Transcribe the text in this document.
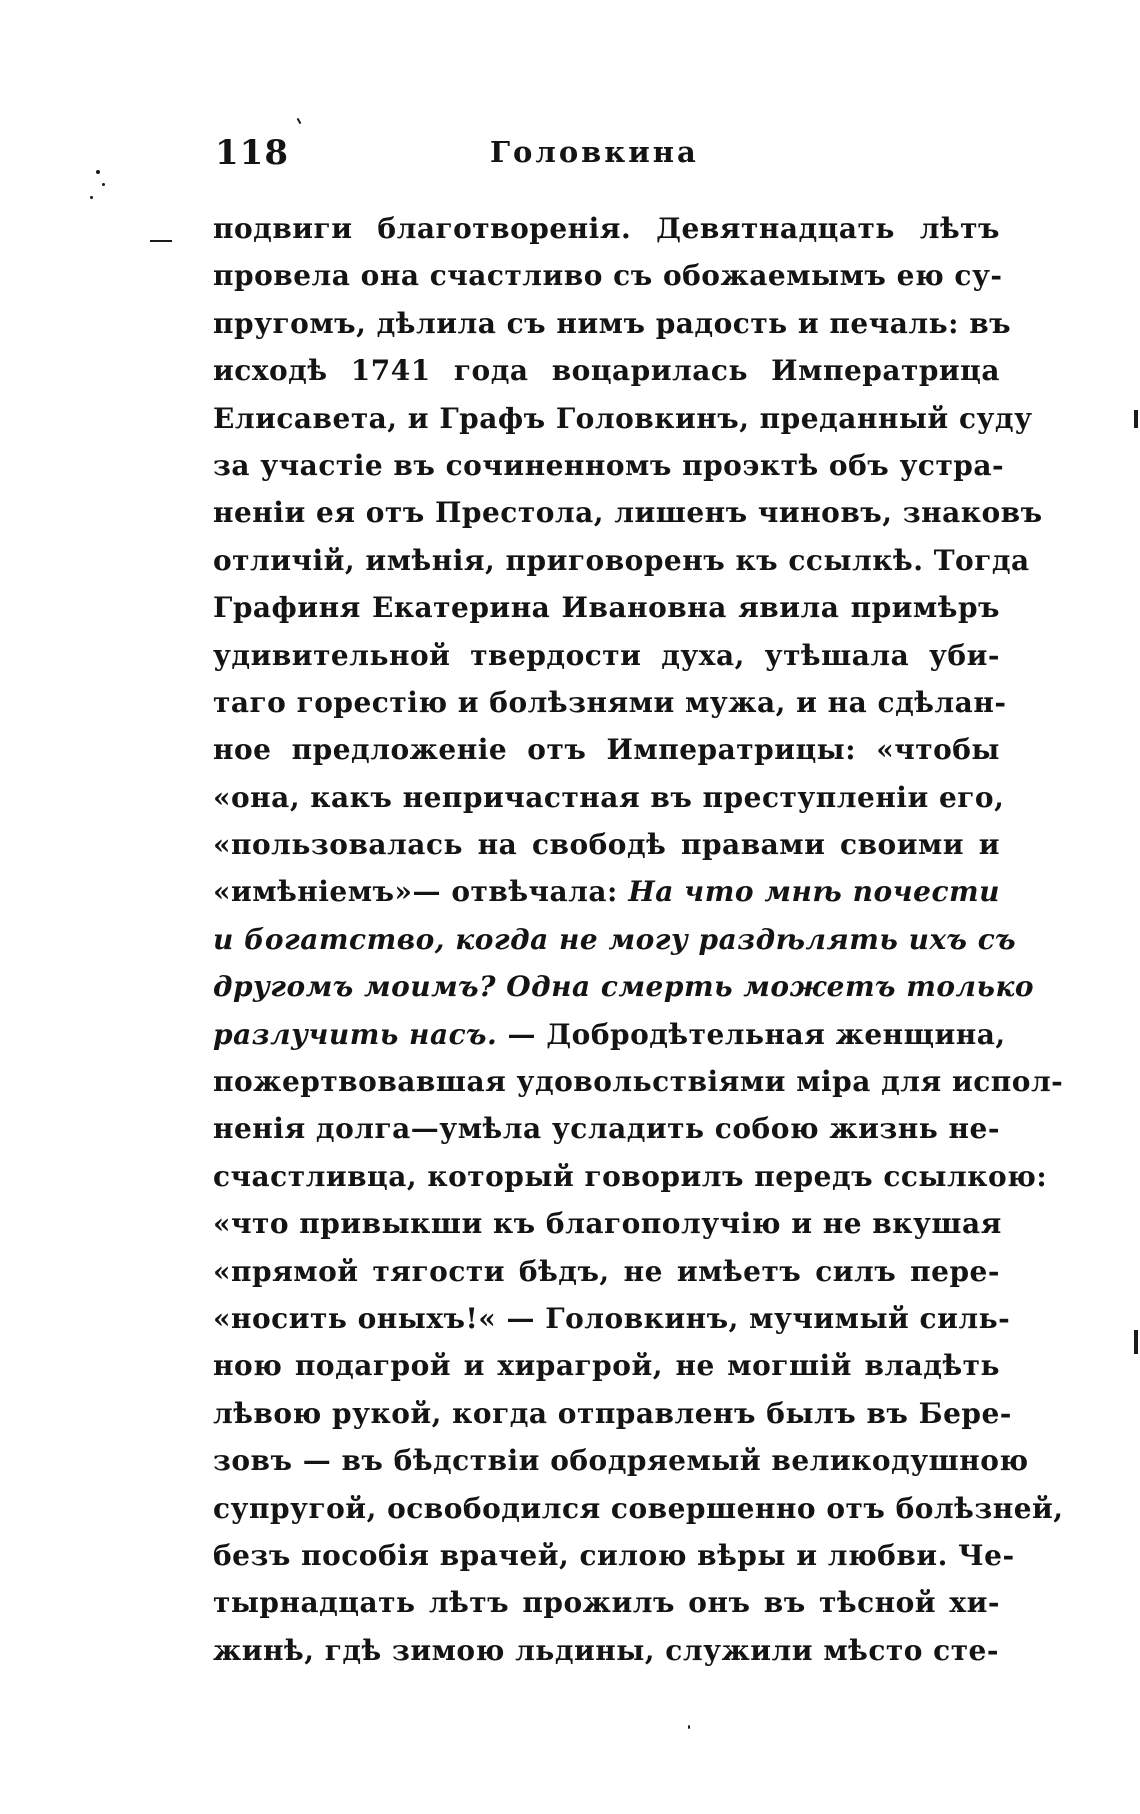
118	Головкина
подвиги благотворенія. Девятнадцать лѣтъ
провела она счастливо съ обожаемымъ ею су-
пругомъ, дѣлила съ нимъ радость и печаль: въ
исходѣ 1741 года воцарилась Императрица
Елисавета, и Графъ Головкинъ, преданный суду
за участіе въ сочиненномъ проэктѣ объ устра-
неніи ея отъ Престола, лишенъ чиновъ, знаковъ
отличій, имѣнія, приговоренъ къ ссылкѣ. Тогда
Графиня Екатерина Ивановна явила примѣръ
удивительной твердости духа, утѣшала уби-
таго горестію и болѣзнями мужа, и на сдѣлан-
ное предложеніе отъ Императрицы: «чтобы
«она, какъ непричастная въ преступленіи его,
«пользовалась на свободѣ правами своими и
«имѣніемъ»— отвѣчала: На что мнѣ почести
и богатство, когда не могу раздѣлять ихъ съ
другомъ моимъ? Одна смерть можетъ только
разлучить насъ. — Добродѣтельная женщина,
пожертвовавшая удовольствіями міра для испол-
ненія долга—умѣла усладить собою жизнь не-
счастливца, который говорилъ передъ ссылкою:
«что привыкши къ благополучію и не вкушая
«прямой тягости бѣдъ, не имѣетъ силъ пере-
«носить оныхъ!« — Головкинъ, мучимый силь-
ною подагрой и хирагрой, не могшій владѣть
лѣвою рукой, когда отправленъ былъ въ Бере-
зовъ — въ бѣдствіи ободряемый великодушною
супругой, освободился совершенно отъ болѣзней,
безъ пособія врачей, силою вѣры и любви. Че-
тырнадцать лѣтъ прожилъ онъ въ тѣсной хи-
жинѣ, гдѣ зимою льдины, служили мѣсто сте-
